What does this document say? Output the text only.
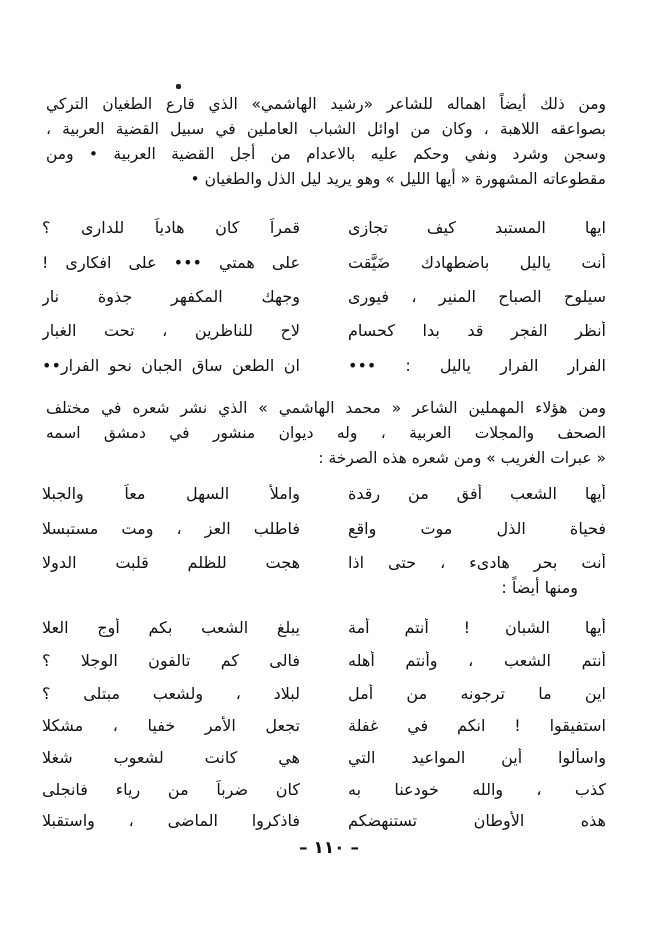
ومن ذلك أيضاً اهماله للشاعر «رشيد الهاشمي» الذي قارع الطغيان التركي
بصواعقه اللاهبة ، وكان من اوائل الشباب العاملين في سبيل القضية العربية ،
وسجن وشرد ونفي وحكم عليه بالاعدام من أجل القضية العربية • ومن
مقطوعاته المشهورة « أيها الليل » وهو يريد ليل الذل والطغيان •
ايها المستبد كيف تجازى
قمراً كان هادياً للدارى ؟
أنت ياليل باضطهادك ضَيَّقت
على همتي ••• على افكارى !
سيلوح الصباح المنير ، فيورى
وجهك المكفهر جذوة نار
أنظر الفجر قد بدا كحسام
لاح للناظرين ، تحت الغبار
الفرار الفرار ياليل : •••
ان الطعن ساق الجبان نحو الفرار••
ومن هؤلاء المهملين الشاعر « محمد الهاشمي » الذي نشر شعره في مختلف
الصحف والمجلات العربية ، وله ديوان منشور في دمشق اسمه
« عبرات الغريب » ومن شعره هذه الصرخة :
أيها الشعب أفق من رقدة
واملأ السهل معاً والجبلا
فحياة الذل موت واقع
فاطلب العز ، ومت مستبسلا
أنت بحر هادىء ، حتى اذا
هجت للظلم قلبت الدولا
ومنها أيضاً :
أيها الشبان ! أنتم أمة
يبلغ الشعب بكم أوج العلا
أنتم الشعب ، وأنتم أهله
فالى كم تالفون الوجلا ؟
اين ما ترجونه من أمل
لبلاد ، ولشعب مبتلى ؟
استفيقوا ! انكم في غفلة
تجعل الأمر خفيا ، مشكلا
واسألوا أين المواعيد التي
هي كانت لشعوب شغلا
كذب ، والله خودعنا به
كان ضرباً من رياء فانجلى
هذه الأوطان تستنهضكم
فاذكروا الماضى ، واستقبلا
– ١١٠ –
